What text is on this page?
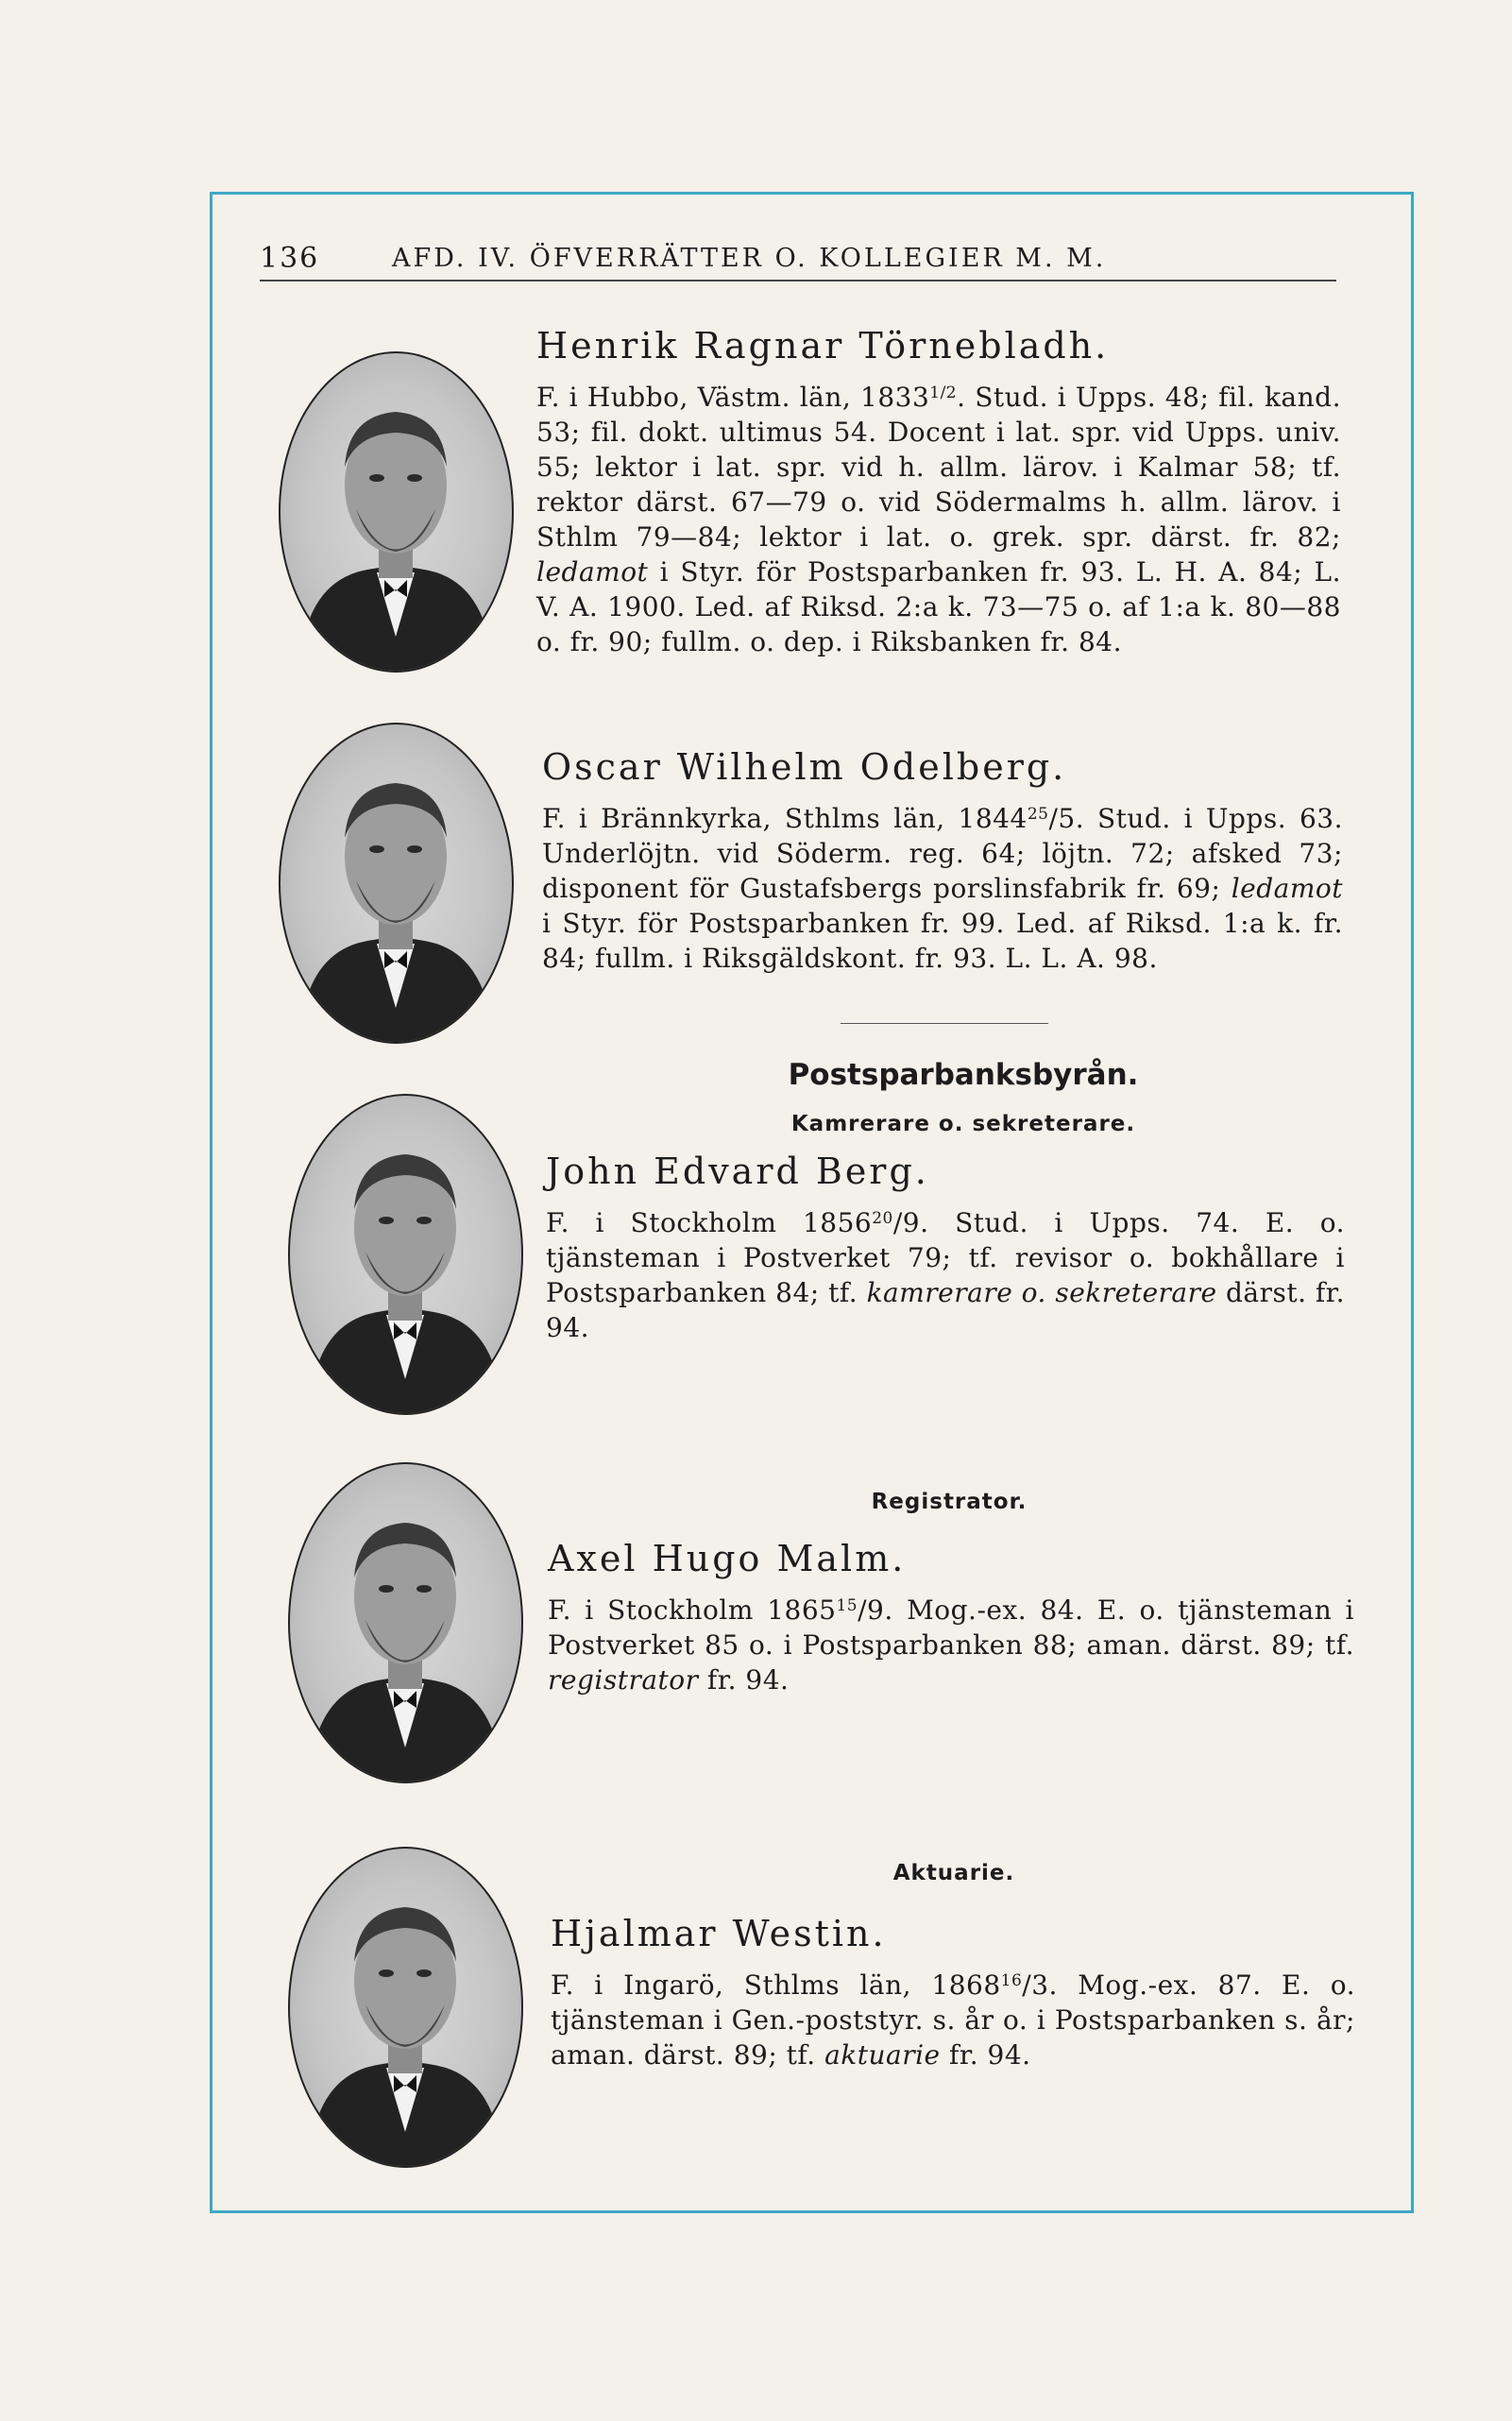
136	AFD. IV. ÖFVERRÄTTER O. KOLLEGIER M. M.
Henrik Ragnar Törnebladh.

F. i Hubbo, Västm. län, $1833^{1/2}$. Stud. i Upps. 48; fil. kand. 53; fil. dokt. ultimus 54. Docent i lat. spr. vid Upps. univ. 55; lektor i lat. spr. vid h. allm. lärov. i Kalmar 58; tf. rektor därst. 67—79 o. vid Södermalms h. allm. lärov. i Sthlm 79—84; lektor i lat. o. grek. spr. därst. fr. 82; ledamot i Styr. för Postsparbanken fr. 93. L. H. A. 84; L. V. A. 1900. Led. af Riksd. 2:a k. 73—75 o. af 1:a k. 80—88 o. fr. 90; fullm. o. dep. i Riksbanken fr. 84.

Oscar Wilhelm Odelberg.

F. i Brännkyrka, Sthlms län, 1844$^{25}$/5. Stud. i Upps. 63. Underlöjtn. vid Söderm. reg. 64; löjtn. 72; afsked 73; disponent för Gustafsbergs porslinsfabrik fr. 69; ledamot i Styr. för Postsparbanken fr. 99. Led. af Riksd. 1:a k. fr. 84; fullm. i Riksgäldskont. fr. 93. L. L. A. 98.

Postsparbanksbyrån.
Kamrerare o. sekreterare.
John Edvard Berg.

F. i Stockholm 1856$^{20}$/9. Stud. i Upps. 74. E. o. tjänsteman i Postverket 79; tf. revisor o. bokhållare i Postsparbanken 84; tf. kamrerare o. sekreterare därst. fr. 94.

Registrator.
Axel Hugo Malm.

F. i Stockholm 1865$^{15}$/9. Mog.-ex. 84. E. o. tjänsteman i Postverket 85 o. i Postsparbanken 88; aman. därst. 89; tf. registrator fr. 94.

Aktuarie.
Hjalmar Westin.

F. i Ingarö, Sthlms län, 1868$^{16}$/3. Mog.-ex. 87. E. o. tjänsteman i Gen.-poststyr. s. år o. i Postsparbanken s. år; aman. därst. 89; tf. aktuarie fr. 94.
